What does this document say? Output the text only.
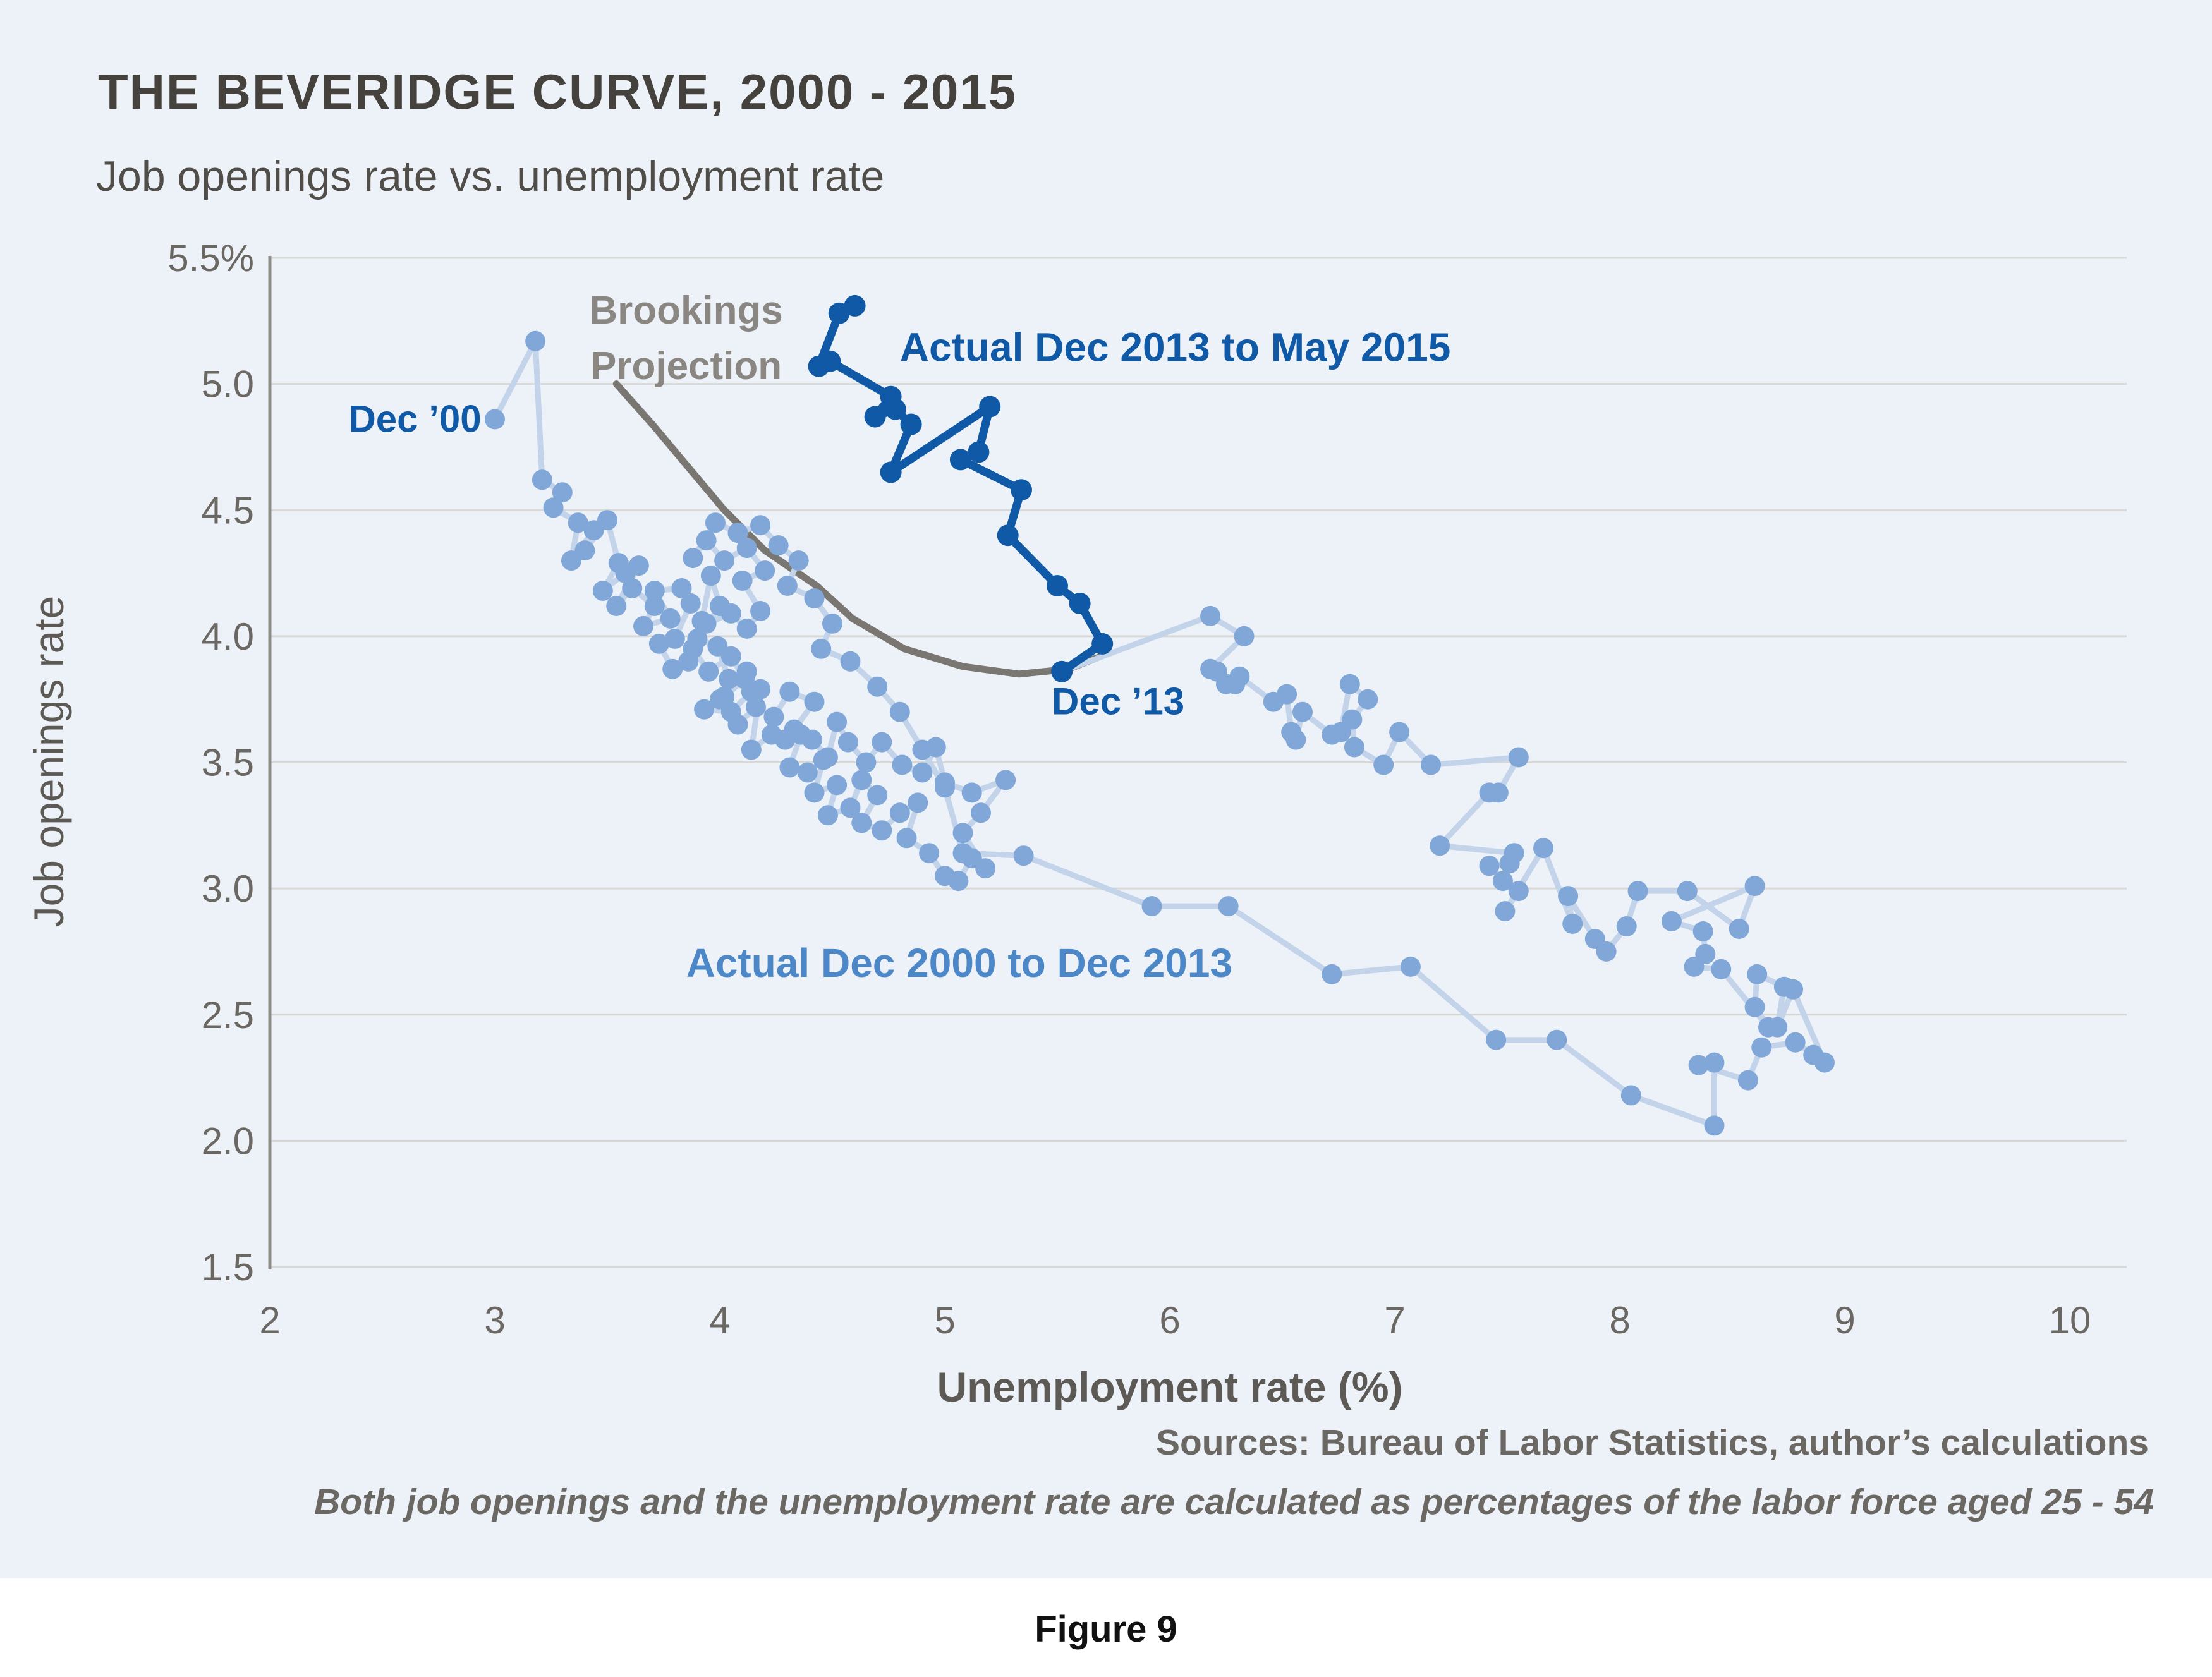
THE BEVERIDGE CURVE, 2000 - 2015
Job openings rate vs. unemployment rate
Brookings Projection	Actual Dec 2013 to May 2015
Dec ’00
Dec ’13
Actual Dec 2000 to Dec 2013
5.5%
5.0
4.5
4.0
3.5
3.0
2.5
2.0
1.5
2	3	4	5	6	7	8	9	10
Job openings rate
Unemployment rate (%)
Sources: Bureau of Labor Statistics, author’s calculations
Both job openings and the unemployment rate are calculated as percentages of the labor force aged 25 - 54
Figure 9
